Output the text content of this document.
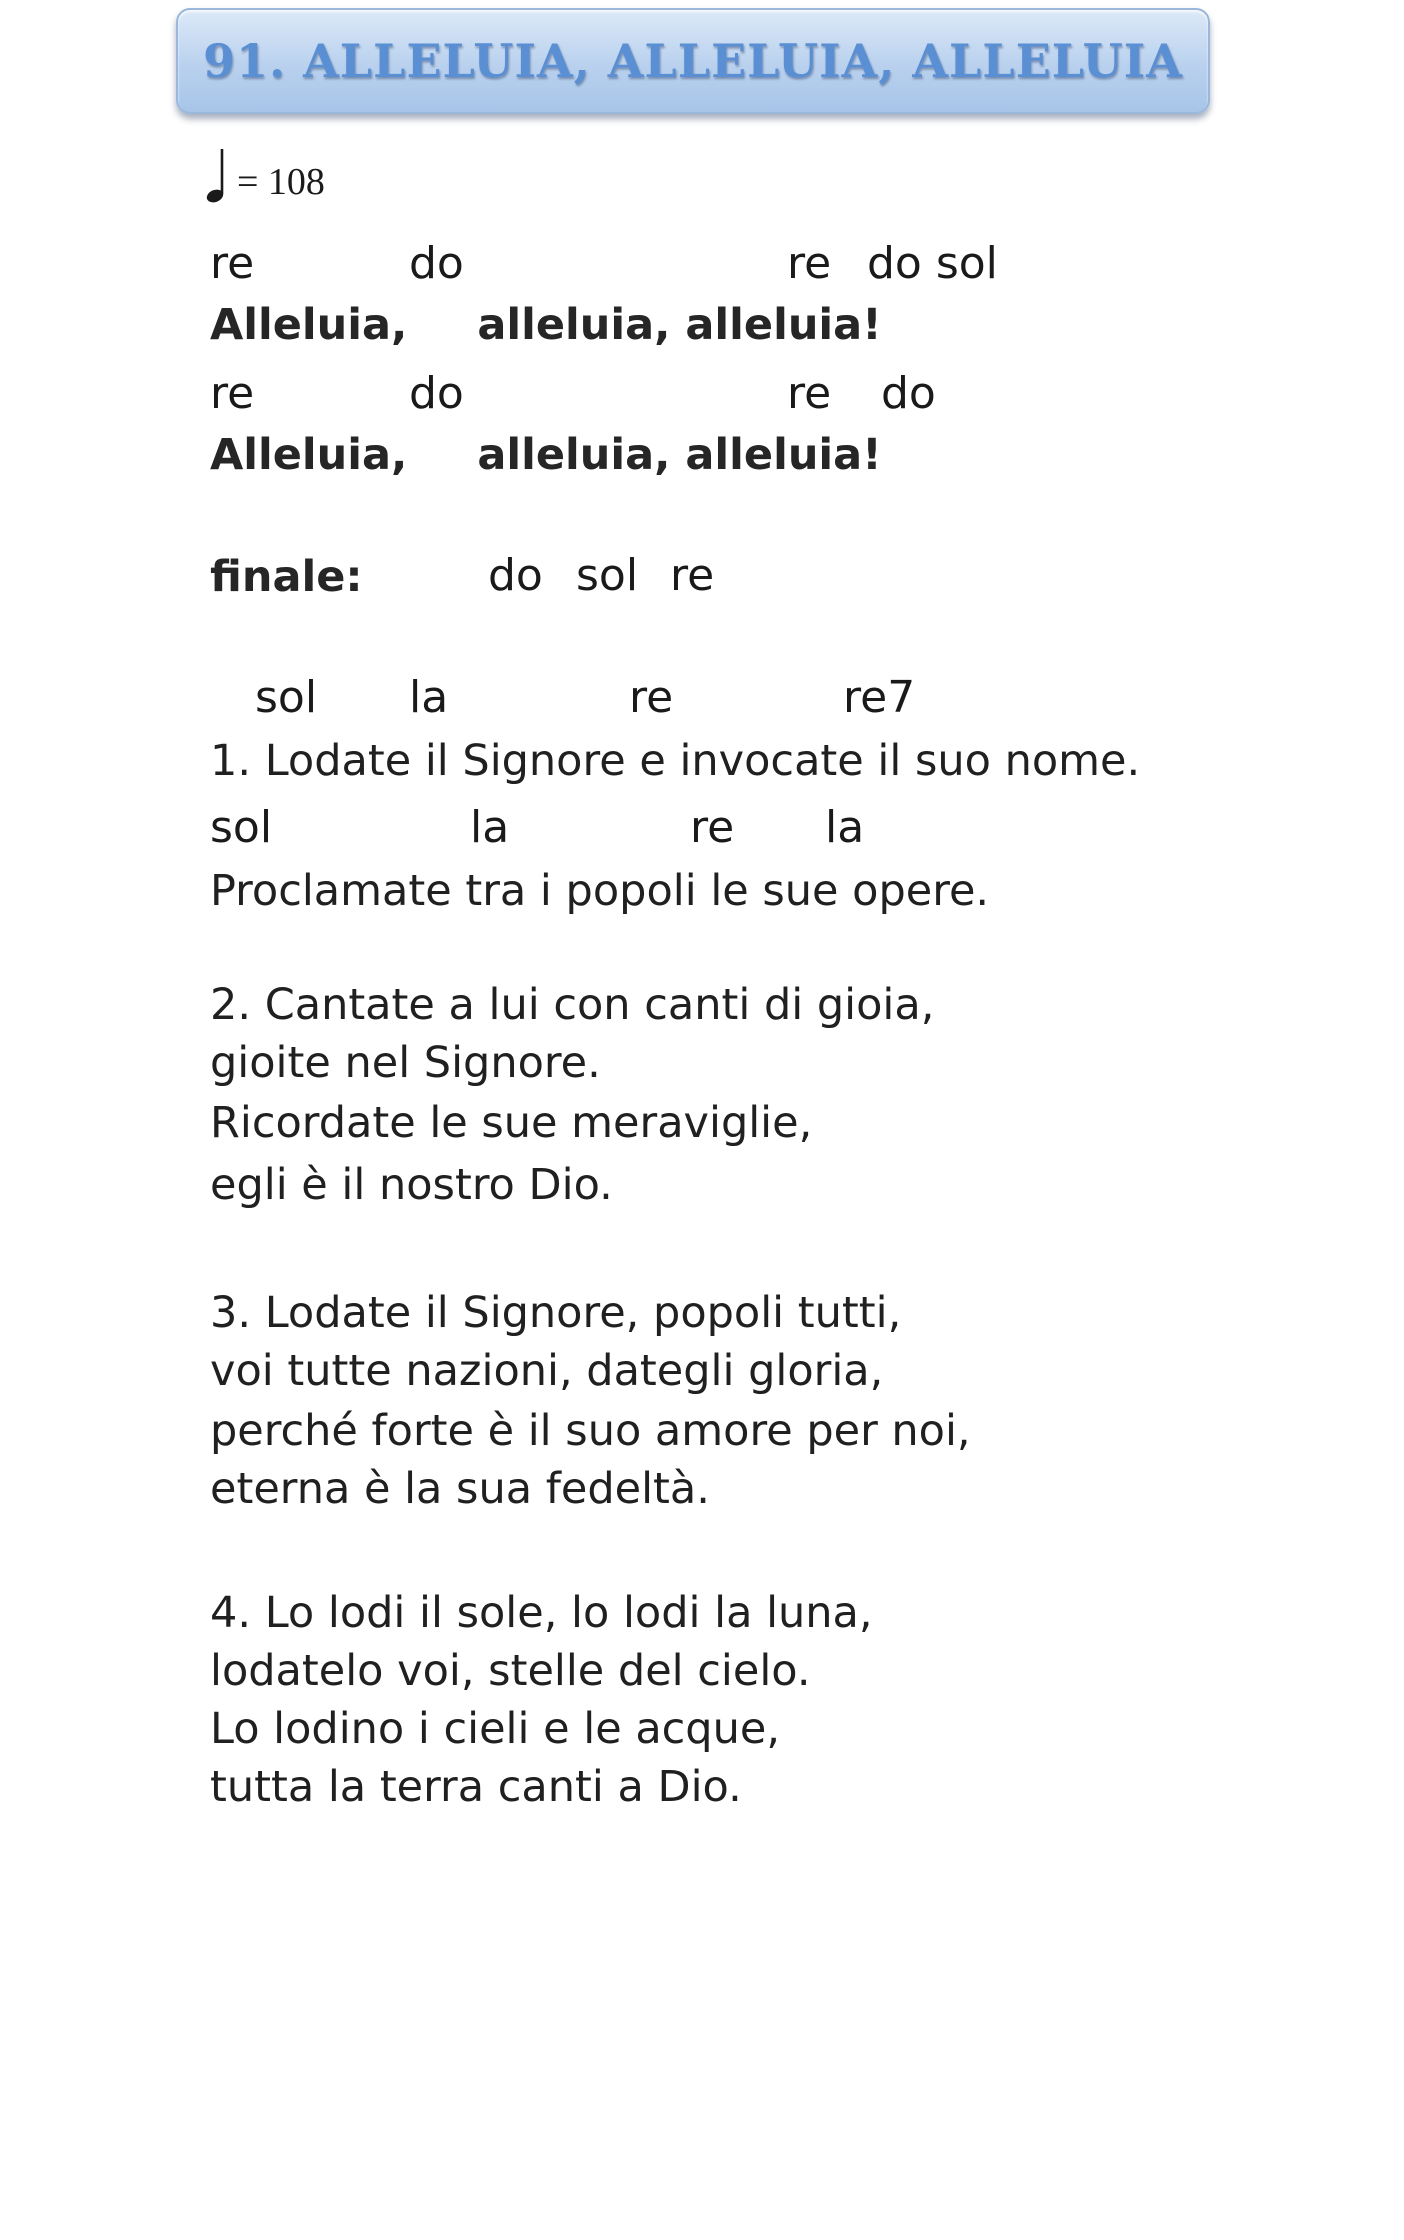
91. ALLELUIA, ALLELUIA, ALLELUIA
= 108
re	do	re do sol
Alleluia, alleluia, alleluia!
re	do	re do
Alleluia, alleluia, alleluia!
finale:	do sol re
sol la	re	re7
1. Lodate il Signore e invocate il suo nome.
sol	la	re la
Proclamate tra i popoli le sue opere.
2. Cantate a lui con canti di gioia,
gioite nel Signore.
Ricordate le sue meraviglie,
egli è il nostro Dio.
3. Lodate il Signore, popoli tutti,
voi tutte nazioni, dategli gloria,
perché forte è il suo amore per noi,
eterna è la sua fedeltà.
4. Lo lodi il sole, lo lodi la luna,
lodatelo voi, stelle del cielo.
Lo lodino i cieli e le acque,
tutta la terra canti a Dio.
